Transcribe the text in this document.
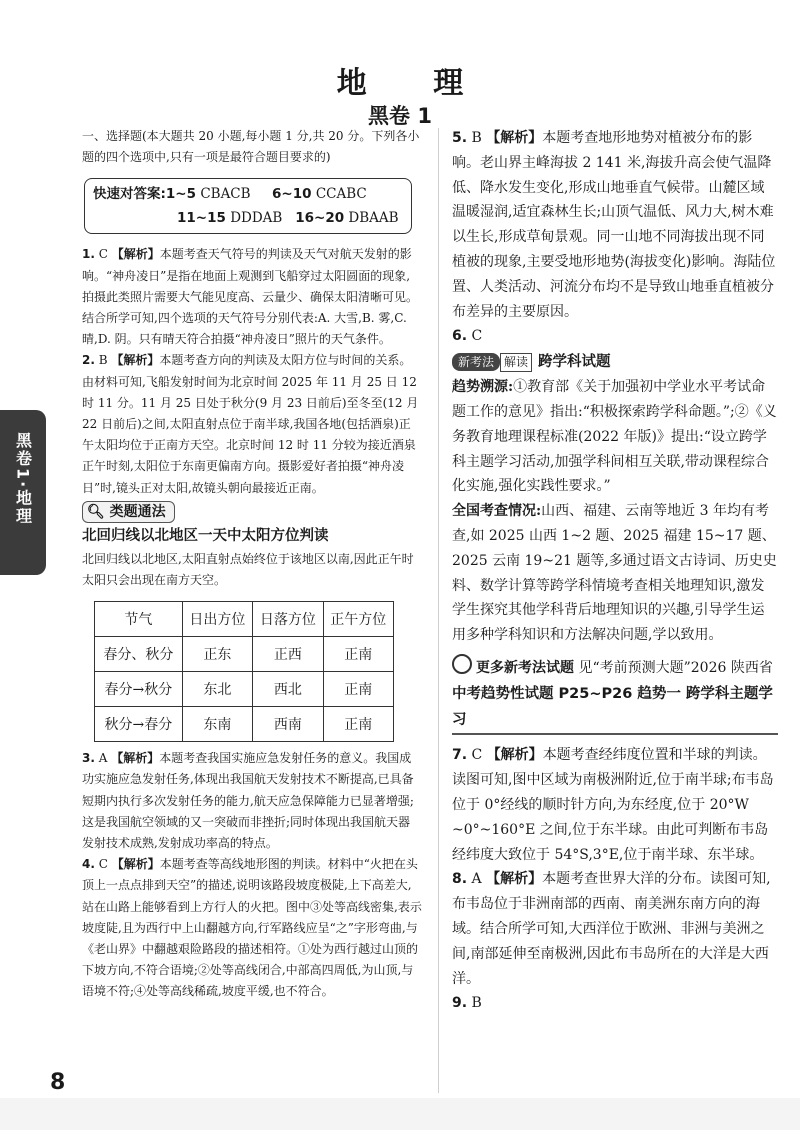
地 理
黑卷 1
黑卷1·地理

一、选择题(本大题共 20 小题,每小题 1 分,共 20 分。下列各小题的四个选项中,只有一项是最符合题目要求的)

快速对答案:1~5 CBACB 6~10 CCABC
11~15 DDDAB 16~20 DBAAB

1. C 【解析】本题考查天气符号的判读及天气对航天发射的影响。“神舟凌日”是指在地面上观测到飞船穿过太阳圆面的现象,拍摄此类照片需要大气能见度高、云量少、确保太阳清晰可见。结合所学可知,四个选项的天气符号分别代表:A. 大雪,B. 雾,C. 晴,D. 阴。只有晴天符合拍摄“神舟凌日”照片的天气条件。

2. B 【解析】本题考查方向的判读及太阳方位与时间的关系。由材料可知,飞船发射时间为北京时间 2025 年 11 月 25 日 12 时 11 分。11 月 25 日处于秋分(9 月 23 日前后)至冬至(12 月 22 日前后)之间,太阳直射点位于南半球,我国各地(包括酒泉)正午太阳均位于正南方天空。北京时间 12 时 11 分较为接近酒泉正午时刻,太阳位于东南更偏南方向。摄影爱好者拍摄“神舟凌日”时,镜头正对太阳,故镜头朝向最接近正南。

🔍︎ 类题通法
北回归线以北地区一天中太阳方位判读

北回归线以北地区,太阳直射点始终位于该地区以南,因此正午时太阳只会出现在南方天空。

节气	日出方位	日落方位	正午方位
春分、秋分	正东	正西	正南
春分→秋分	东北	西北	正南
秋分→春分	东南	西南	正南

3. A 【解析】本题考查我国实施应急发射任务的意义。我国成功实施应急发射任务,体现出我国航天发射技术不断提高,已具备短期内执行多次发射任务的能力,航天应急保障能力已显著增强;这是我国航空领域的又一突破而非挫折;同时体现出我国航天器发射技术成熟,发射成功率高的特点。

4. C 【解析】本题考查等高线地形图的判读。材料中“火把在头顶上一点点排到天空”的描述,说明该路段坡度极陡,上下高差大,站在山路上能够看到上方行人的火把。图中③处等高线密集,表示坡度陡,且为西行中上山翻越方向,行军路线应呈“之”字形弯曲,与《老山界》中翻越艰险路段的描述相符。①处为西行越过山顶的下坡方向,不符合语境;②处等高线闭合,中部高四周低,为山顶,与语境不符;④处等高线稀疏,坡度平缓,也不符合。

5. B 【解析】本题考查地形地势对植被分布的影响。老山界主峰海拔 2 141 米,海拔升高会使气温降低、降水发生变化,形成山地垂直气候带。山麓区域温暖湿润,适宜森林生长;山顶气温低、风力大,树木难以生长,形成草甸景观。同一山地不同海拔出现不同植被的现象,主要受地形地势(海拔变化)影响。海陆位置、人类活动、河流分布均不是导致山地垂直植被分布差异的主要原因。

6. C

新考法 解读 跨学科试题

趋势溯源:①教育部《关于加强初中学业水平考试命题工作的意见》指出:“积极探索跨学科命题。”;②《义务教育地理课程标准(2022 年版)》提出:“设立跨学科主题学习活动,加强学科间相互关联,带动课程综合化实施,强化实践性要求。”

全国考查情况:山西、福建、云南等地近 3 年均有考查,如 2025 山西 1~2 题、2025 福建 15~17 题、2025 云南 19~21 题等,多通过语文古诗词、历史史料、数学计算等跨学科情境考查相关地理知识,激发学生探究其他学科背后地理知识的兴趣,引导学生运用多种学科知识和方法解决问题,学以致用。

更多新考法试题 见“考前预测大题”2026 陕西省
中考趋势性试题 P25~P26 趋势一 跨学科主题学习

7. C 【解析】本题考查经纬度位置和半球的判读。读图可知,图中区域为南极洲附近,位于南半球;布韦岛位于 0°经线的顺时针方向,为东经度,位于 20°W ~0°~160°E 之间,位于东半球。由此可判断布韦岛经纬度大致位于 54°S,3°E,位于南半球、东半球。

8. A 【解析】本题考查世界大洋的分布。读图可知,布韦岛位于非洲南部的西南、南美洲东南方向的海域。结合所学可知,大西洋位于欧洲、非洲与美洲之间,南部延伸至南极洲,因此布韦岛所在的大洋是大西洋。

9. B

8
